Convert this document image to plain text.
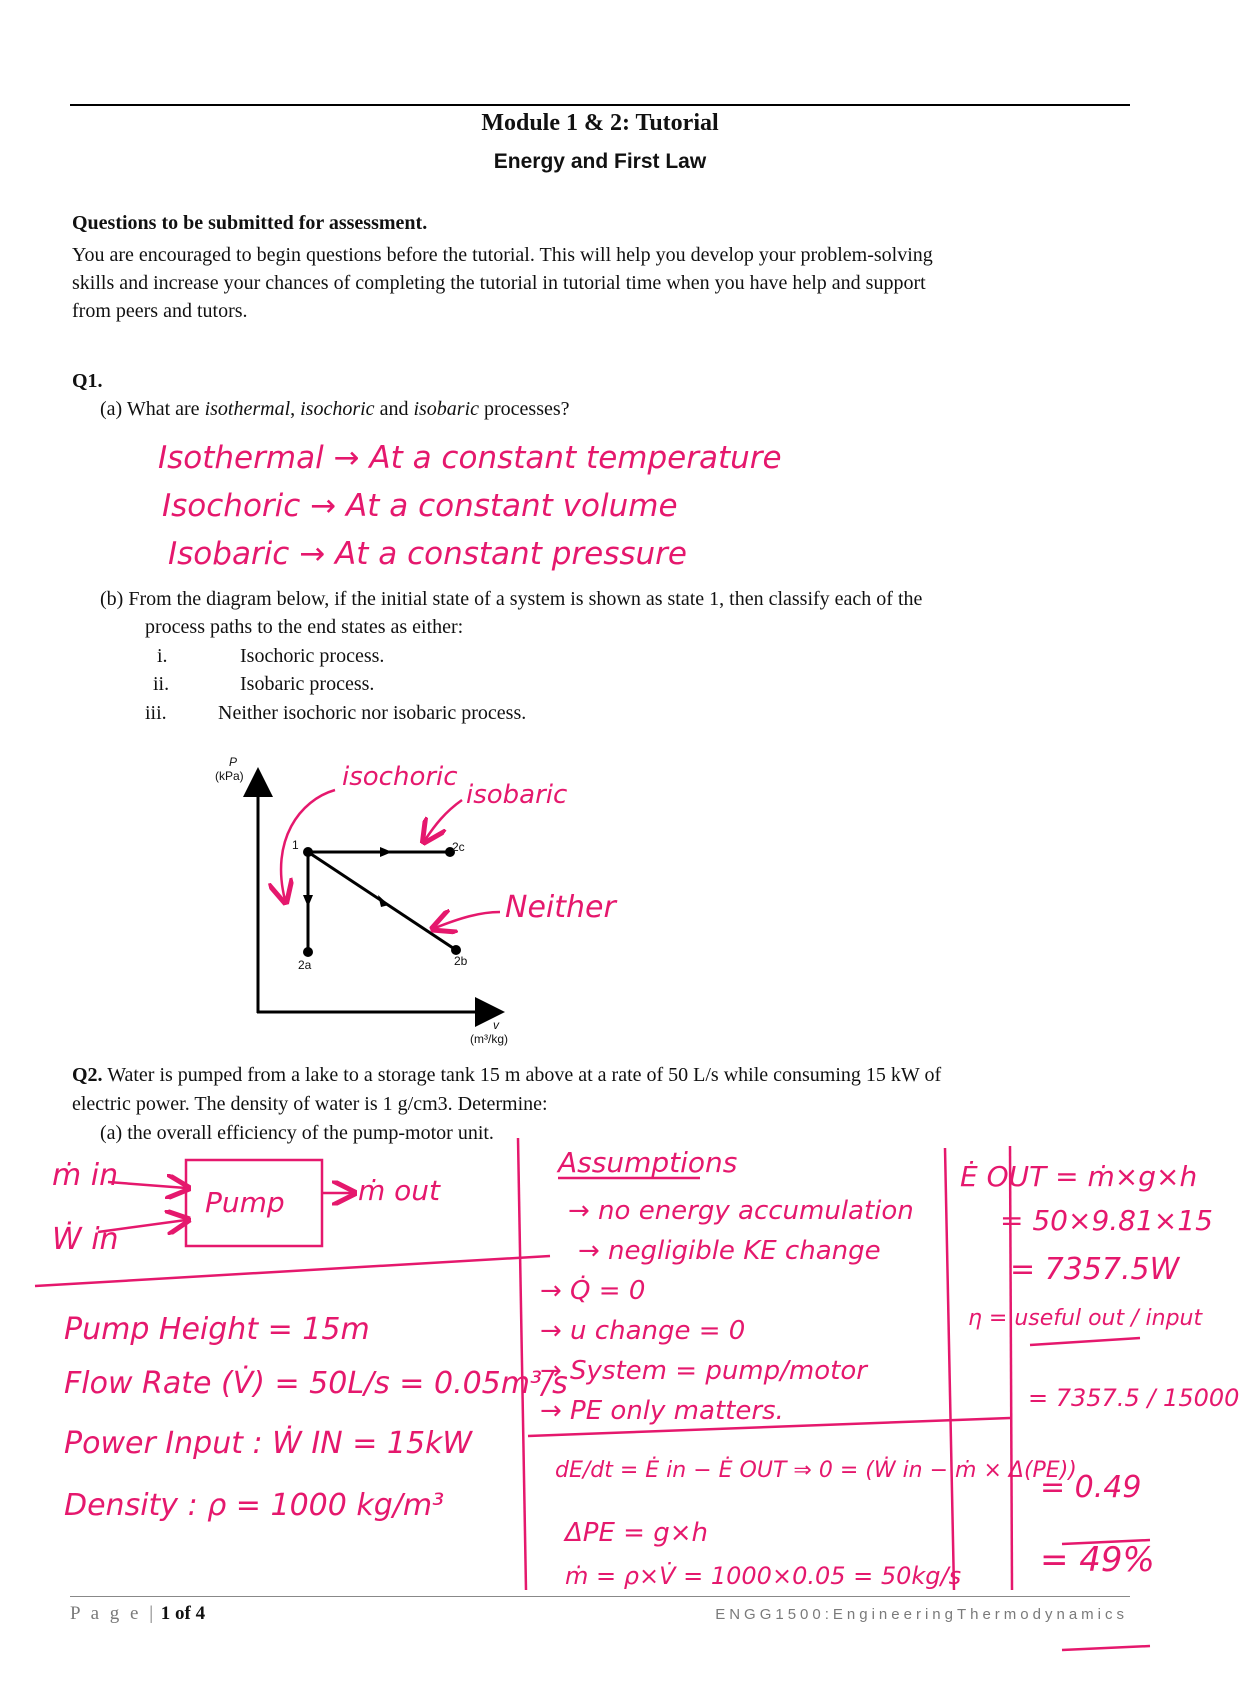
Module 1 & 2: Tutorial
Energy and First Law
Questions to be submitted for assessment.
You are encouraged to begin questions before the tutorial. This will help you develop your problem-solving
skills and increase your chances of completing the tutorial in tutorial time when you have help and support
from peers and tutors.
Q1.
(a) What are isothermal, isochoric and isobaric processes?
Isothermal → At a constant temperature
Isochoric → At a constant volume
Isobaric → At a constant pressure
(b) From the diagram below, if the initial state of a system is shown as state 1, then classify each of the
process paths to the end states as either:
i.	Isochoric process.
ii.	Isobaric process.
iii.	Neither isochoric nor isobaric process.
P
(kPa)
v
(m³/kg)
1
2a	2b
2c
isochoric
isobaric
Neither
Q2. Water is pumped from a lake to a storage tank 15 m above at a rate of 50 L/s while consuming 15 kW of
electric power. The density of water is 1 g/cm3. Determine:
(a) the overall efficiency of the pump-motor unit.
ṁ in
Ẇ in
Pump	ṁ out
Pump Height = 15m
Flow Rate (V̇) = 50L/s = 0.05m³/s
Power Input : Ẇ IN = 15kW
Density : ρ = 1000 kg/m³
Assumptions
→ no energy accumulation
→ negligible KE change
→ Q̇ = 0
→ u change = 0
→ System = pump/motor
→ PE only matters.
dE/dt = Ė in − Ė OUT ⇒ 0 = (Ẇ in − ṁ × Δ(PE))
ΔPE = g×h
ṁ = ρ×V̇ = 1000×0.05 = 50kg/s
Ė OUT = ṁ×g×h
= 50×9.81×15
= 7357.5W
η = useful out / input
= 7357.5 / 15000
= 0.49
= 49%
P a g e | 1 of 4	ENGG1500:EngineeringThermodynamics
